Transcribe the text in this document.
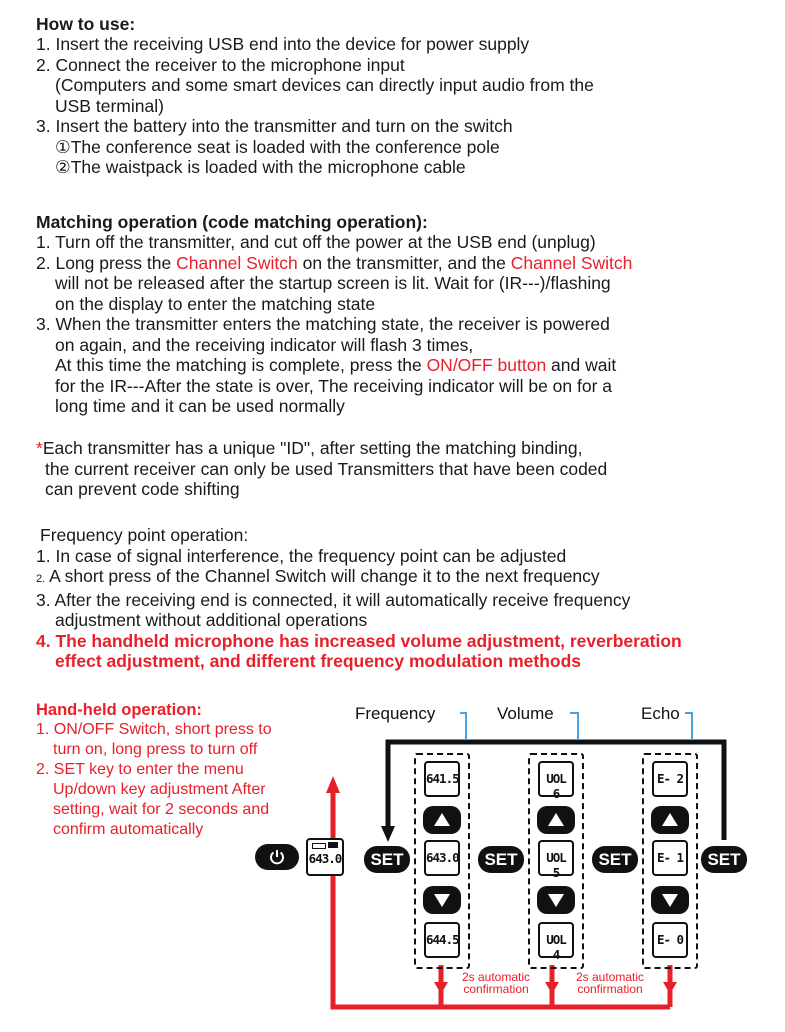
How to use:

1. Insert the receiving USB end into the device for power supply

2. Connect the receiver to the microphone input

(Computers and some smart devices can directly input audio from the

USB terminal)

3. Insert the battery into the transmitter and turn on the switch

①The conference seat is loaded with the conference pole

②The waistpack is loaded with the microphone cable

Matching operation (code matching operation):

1. Turn off the transmitter, and cut off the power at the USB end (unplug)

2. Long press the Channel Switch on the transmitter, and the Channel Switch

will not be released after the startup screen is lit. Wait for (IR---)/flashing

on the display to enter the matching state

3. When the transmitter enters the matching state, the receiver is powered

on again, and the receiving indicator will flash 3 times,

At this time the matching is complete, press the ON/OFF button and wait

for the IR---After the state is over, The receiving indicator will be on for a

long time and it can be used normally

*Each transmitter has a unique "ID", after setting the matching binding,

the current receiver can only be used Transmitters that have been coded

can prevent code shifting

Frequency point operation:

1. In case of signal interference, the frequency point can be adjusted

2. A short press of the Channel Switch will change it to the next frequency

3. After the receiving end is connected, it will automatically receive frequency

adjustment without additional operations

4. The handheld microphone has increased volume adjustment, reverberation

effect adjustment, and different frequency modulation methods

Hand-held operation:

1. ON/OFF Switch, short press to

turn on, long press to turn off

2. SET key to enter the menu

Up/down key adjustment After

setting, wait for 2 seconds and

confirm automatically

Frequency	Volume	Echo
643.0	SET	SET	SET	SET
641.5
643.0
644.5
UOL 6
UOL 5
UOL 4
E- 2
E- 1
E- 0
2s automatic
confirmation
2s automatic
confirmation
